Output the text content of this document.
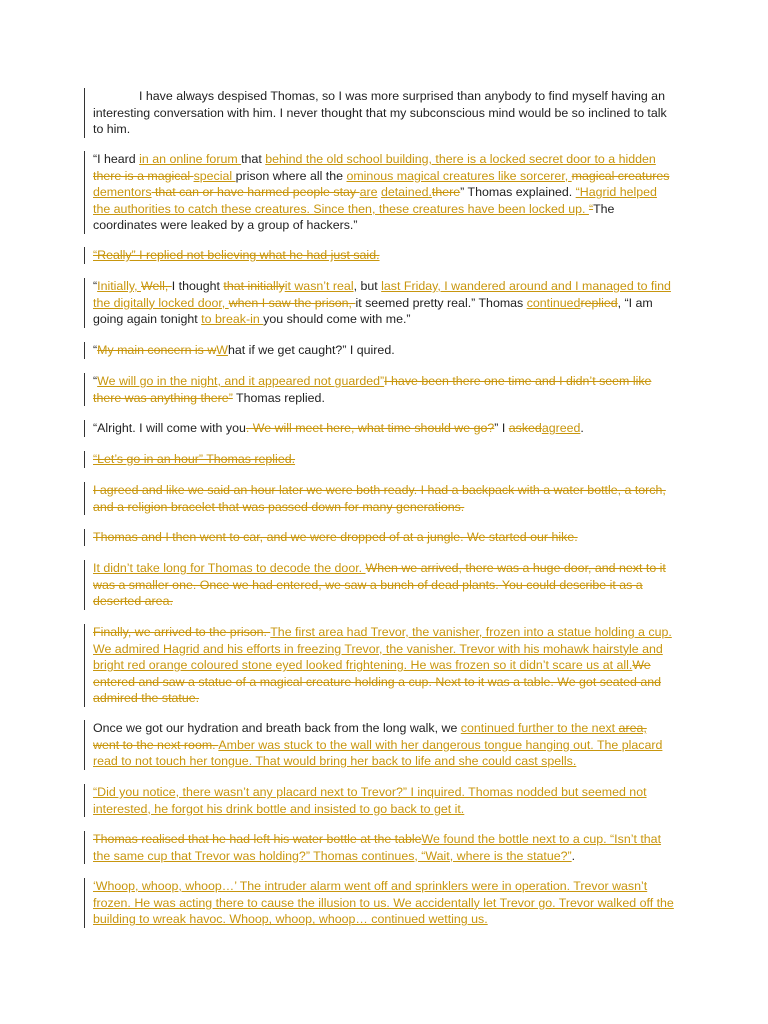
I have always despised Thomas, so I was more surprised than anybody to find myself having an interesting conversation with him. I never thought that my subconscious mind would be so inclined to talk to him.
“I heard in an online forum that behind the old school building, there is a locked secret door to a hidden there is a magical special prison where all the ominous magical creatures like sorcerer, magical creatures dementors that can or have harmed people stay are detained.there” Thomas explained. “Hagrid helped the authorities to catch these creatures. Since then, these creatures have been locked up. “The coordinates were leaked by a group of hackers.”
“Really” I replied not believing what he had just said.
“Initially, Well, I thought that initiallyit wasn’t real, but last Friday, I wandered around and I managed to find the digitally locked door, when I saw the prison, it seemed pretty real.” Thomas continuedreplied, “I am going again tonight to break-in you should come with me.”
“My main concern is wWhat if we get caught?” I quired.
“We will go in the night, and it appeared not guarded”I have been there one time and I didn’t seem like there was anything there” Thomas replied.
“Alright. I will come with you. We will meet here, what time should we go?” I askedagreed.
“Let’s go in an hour” Thomas replied.
I agreed and like we said an hour later we were both ready. I had a backpack with a water bottle, a torch, and a religion bracelet that was passed down for many generations.
Thomas and I then went to car, and we were dropped of at a jungle. We started our hike.
It didn’t take long for Thomas to decode the door. When we arrived, there was a huge door, and next to it was a smaller one. Once we had entered, we saw a bunch of dead plants. You could describe it as a deserted area.
Finally, we arrived to the prison. The first area had Trevor, the vanisher, frozen into a statue holding a cup. We admired Hagrid and his efforts in freezing Trevor, the vanisher. Trevor with his mohawk hairstyle and bright red orange coloured stone eyed looked frightening. He was frozen so it didn’t scare us at all.We entered and saw a statue of a magical creature holding a cup. Next to it was a table. We got seated and admired the statue.
Once we got our hydration and breath back from the long walk, we continued further to the next area, went to the next room. Amber was stuck to the wall with her dangerous tongue hanging out. The placard read to not touch her tongue. That would bring her back to life and she could cast spells.
“Did you notice, there wasn’t any placard next to Trevor?” I inquired. Thomas nodded but seemed not interested, he forgot his drink bottle and insisted to go back to get it.
Thomas realised that he had left his water bottle at the tableWe found the bottle next to a cup. “Isn’t that the same cup that Trevor was holding?” Thomas continues, “Wait, where is the statue?”.
‘Whoop, whoop, whoop…’ The intruder alarm went off and sprinklers were in operation. Trevor wasn’t frozen. He was acting there to cause the illusion to us. We accidentally let Trevor go. Trevor walked off the building to wreak havoc. Whoop, whoop, whoop… continued wetting us.
